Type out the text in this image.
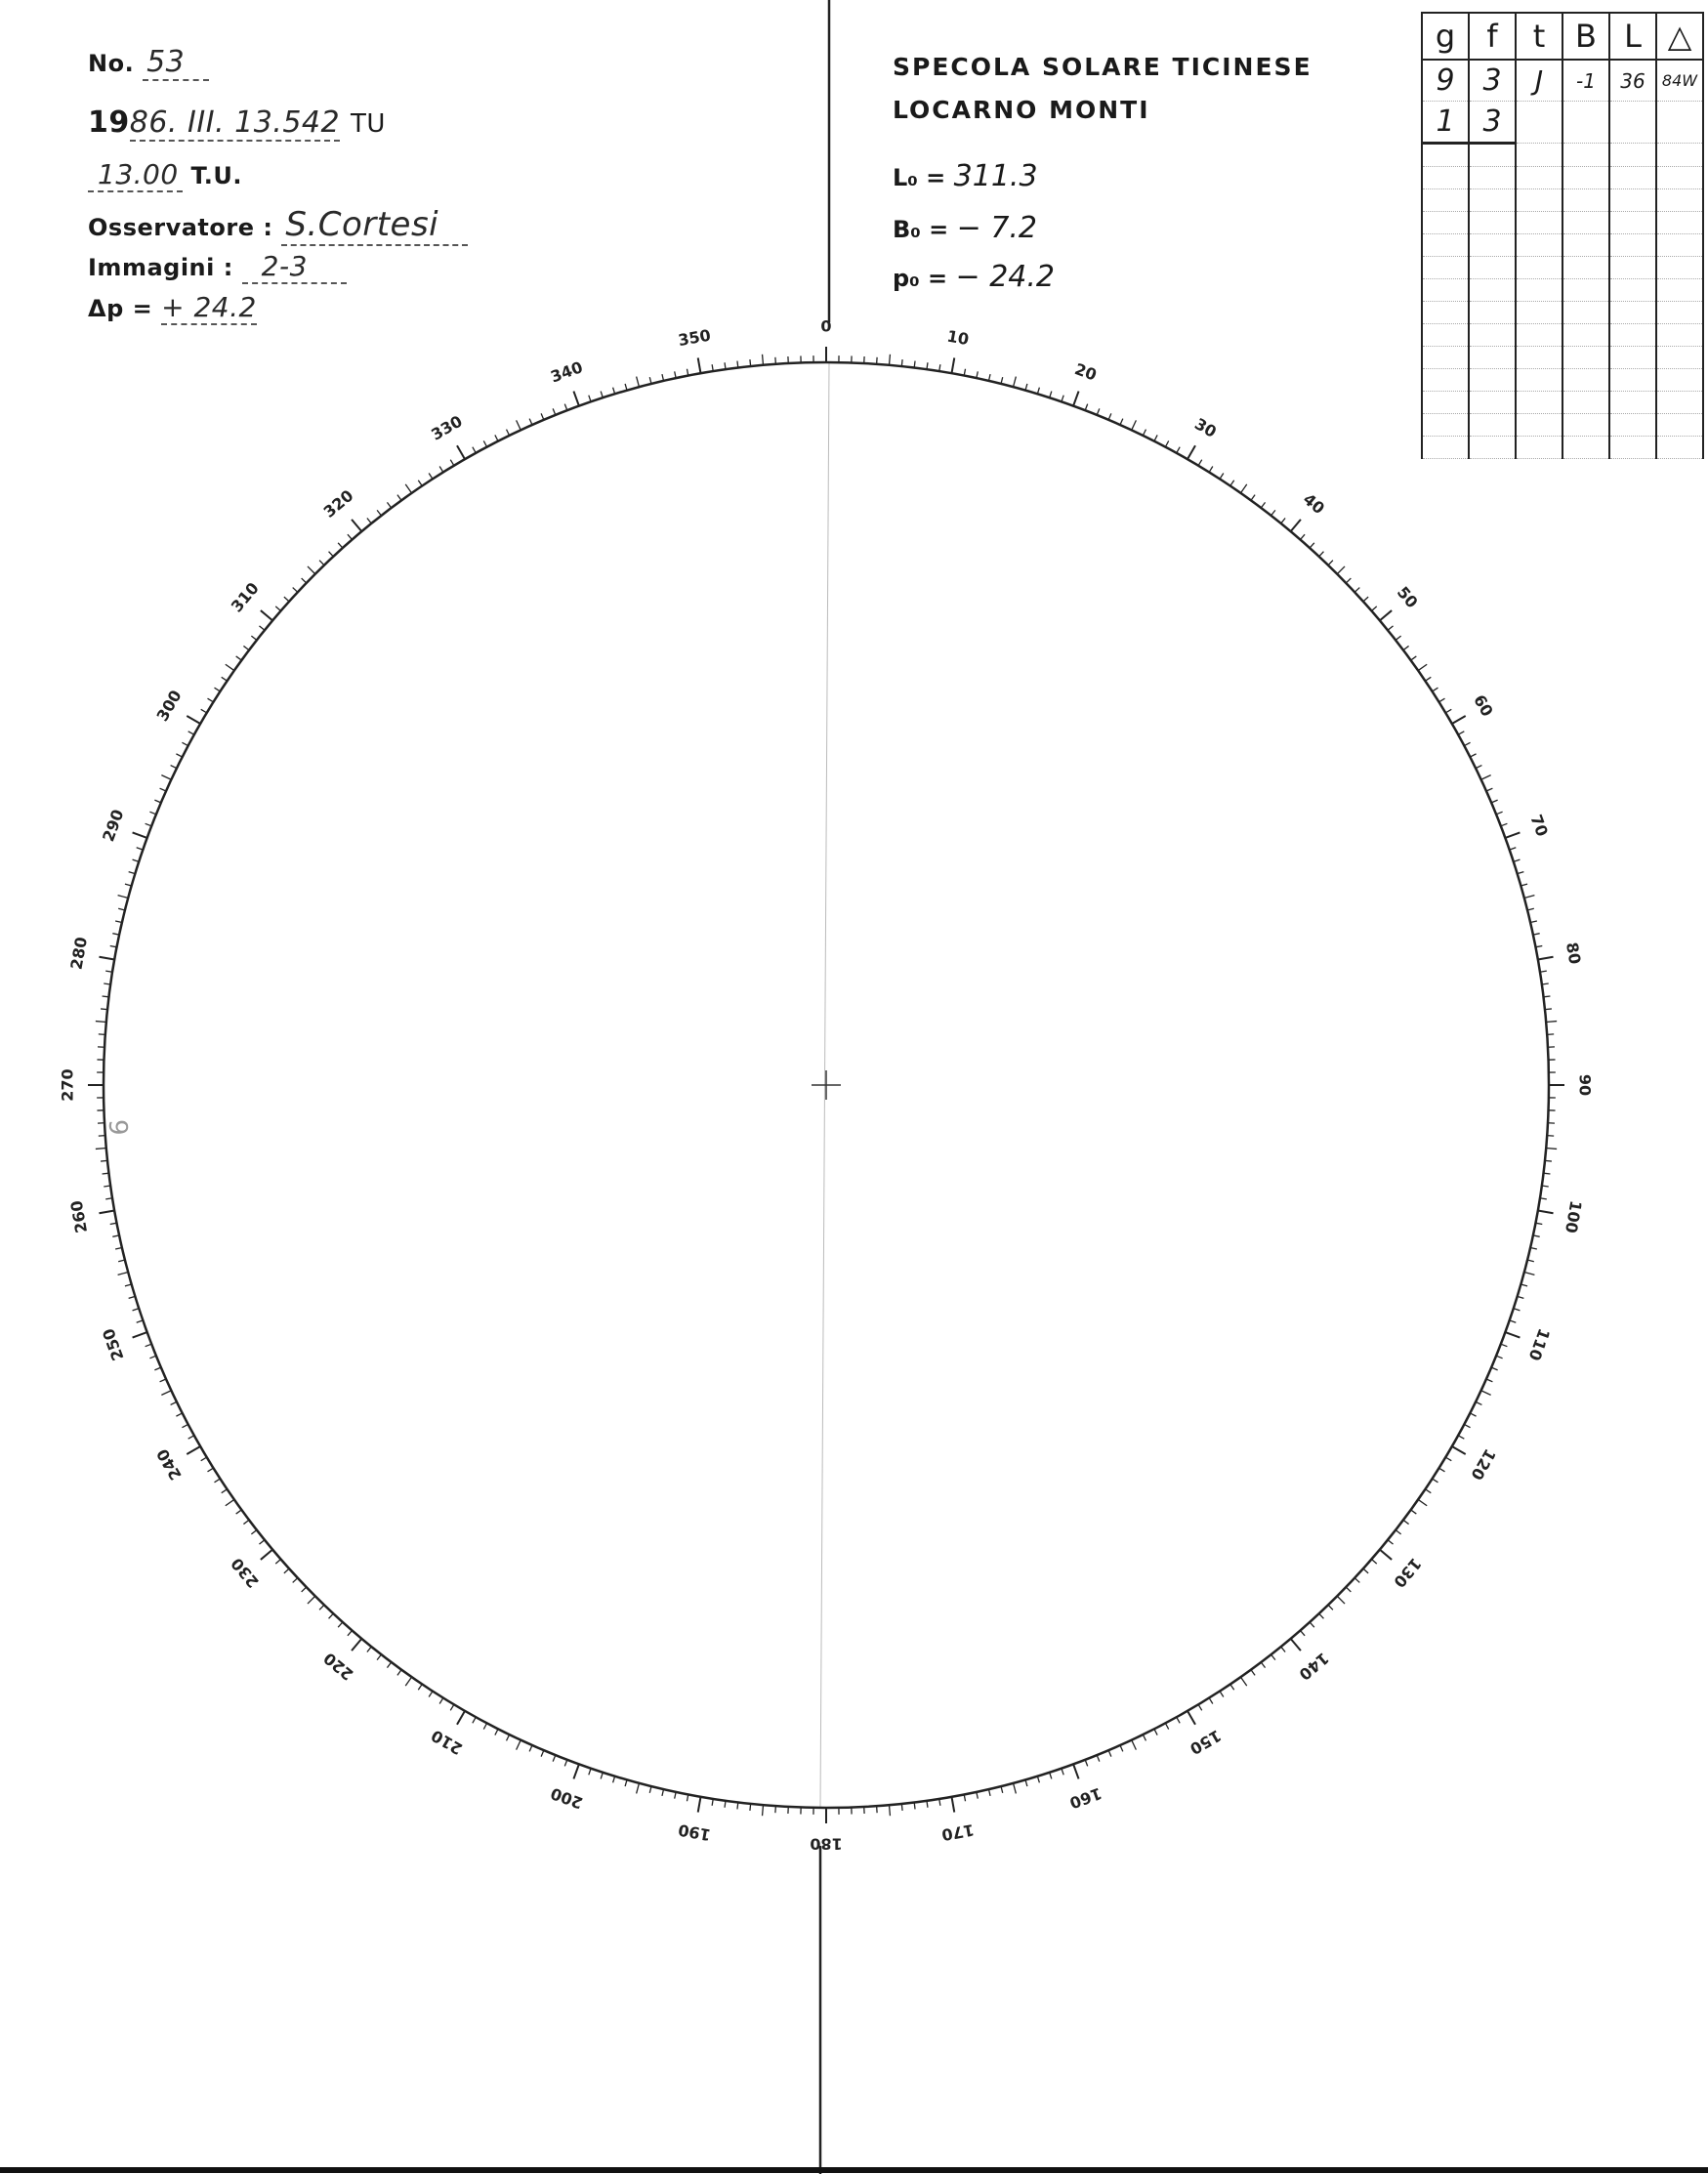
No. 53
1986. III. 13.542 TU
13.00 T.U.
Osservatore : S.Cortesi
Immagini : 2-3
Δp = + 24.2
SPECOLA SOLARE TICINESE
LOCARNO MONTI
L₀ = 311.3
B₀ = − 7.2
p₀ = − 24.2
g	f	t	B	L	△
9	3	J	-1	36	84W
1	3				

0
10
20
30
40
50
60
70
80
90
100
110
120
130
140
150
160
170
180
190
200
210
220
230
240
250
260
270
280
290
300
310
320
330
340
350
9
